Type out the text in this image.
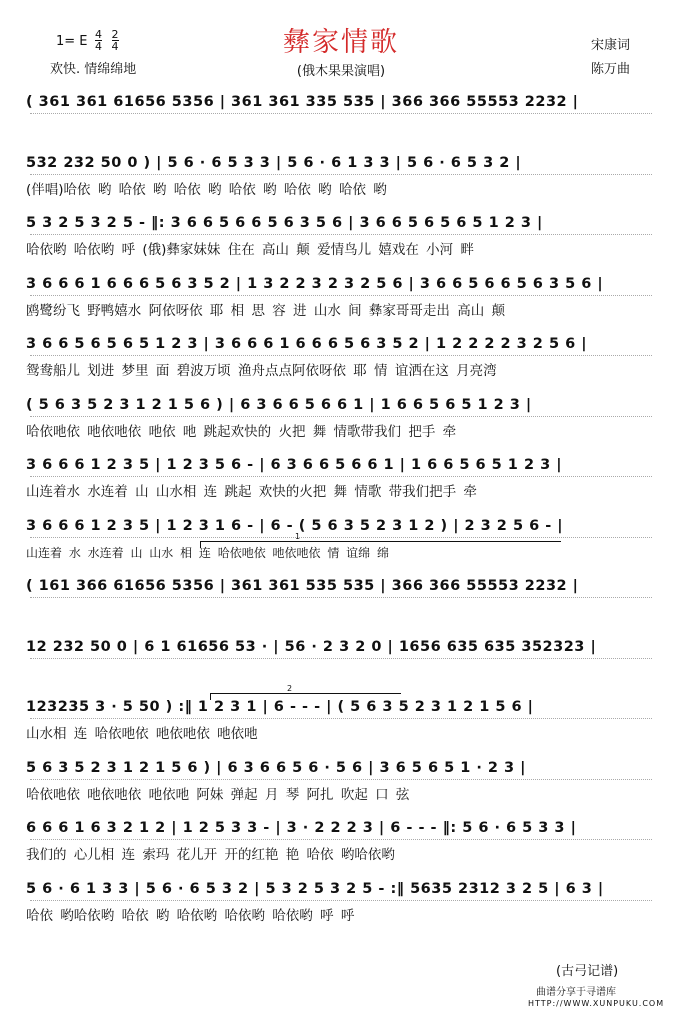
彝家情歌
(俄木果果演唱)
1= E $\frac{4}{4} \frac{2}{4}$
欢快. 情绵绵地
宋康词
陈万曲
( 361 361 61656 5356 | 361 361 335 535 | 366 366 55553 2232 |
532 232 50 0 ) | 5 6 · 6 5 3 3 | 5 6 · 6 1 3 3 | 5 6 · 6 5 3 2 |
(伴唱)哈依 哟 哈依 哟 哈依 哟 哈依 哟 哈依 哟 哈依 哟
5 3 2 5 3 2 5 - ‖: 3 6 6 5 6 6 5 6 3 5 6 | 3 6 6 5 6 5 6 5 1 2 3 |
哈依哟 哈依哟 呼 (俄)彝家妹妹 住在 高山 颠 爱情鸟儿 嬉戏在 小河 畔
3 6 6 6 1 6 6 6 5 6 3 5 2 | 1 3 2 2 3 2 3 2 5 6 | 3 6 6 5 6 6 5 6 3 5 6 |
鸥鹭纷飞 野鸭嬉水 阿依呀依 耶 相 思 容 进 山水 间 彝家哥哥走出 高山 颠
3 6 6 5 6 5 6 5 1 2 3 | 3 6 6 6 1 6 6 6 5 6 3 5 2 | 1 2 2 2 2 3 2 5 6 |
鸳鸯船儿 划进 梦里 面 碧波万顷 渔舟点点阿依呀依 耶 情 谊洒在这 月亮湾
( 5 6 3 5 2 3 1 2 1 5 6 ) | 6 3 6 6 5 6 6 1 | 1 6 6 5 6 5 1 2 3 |
哈依吔依 吔依吔依 吔依 吔 跳起欢快的 火把 舞 情歌带我们 把手 牵
3 6 6 6 1 2 3 5 | 1 2 3 5 6 - | 6 3 6 6 5 6 6 1 | 1 6 6 5 6 5 1 2 3 |
山连着水 水连着 山 山水相 连 跳起 欢快的火把 舞 情歌 带我们把手 牵
3 6 6 6 1 2 3 5 | 1 2 3 1 6 - | 6 - ( 5 6 3 5 2 3 1 2 ) | 2 3 2 5 6 - |
山连着 水 水连着 山 山水 相 连 哈依吔依 吔依吔依 情 谊绵 绵
( 161 366 61656 5356 | 361 361 535 535 | 366 366 55553 2232 |
12 232 50 0 | 6 1 61656 53 · | 56 · 2 3 2 0 | 1656 635 635 352323 |
123235 3 · 5 50 ) :‖ 1 2 3 1 | 6 - - - | ( 5 6 3 5 2 3 1 2 1 5 6 |
山水相 连 哈依吔依 吔依吔依 吔依吔
5 6 3 5 2 3 1 2 1 5 6 ) | 6 3 6 6 5 6 · 5 6 | 3 6 5 6 5 1 · 2 3 |
哈依吔依 吔依吔依 吔依吔 阿妹 弹起 月 琴 阿扎 吹起 口 弦
6 6 6 1 6 3 2 1 2 | 1 2 5 3 3 - | 3 · 2 2 2 3 | 6 - - - ‖: 5 6 · 6 5 3 3 |
我们的 心儿相 连 索玛 花儿开 开的红艳 艳 哈依 哟哈依哟
5 6 · 6 1 3 3 | 5 6 · 6 5 3 2 | 5 3 2 5 3 2 5 - :‖ 5635 2312 3 2 5 | 6 3 |
哈依 哟哈依哟 哈依 哟 哈依哟 哈依哟 哈依哟 呼 呼
1
2
(古弓记谱)
曲谱分享于寻谱库
HTTP://WWW.XUNPUKU.COM
